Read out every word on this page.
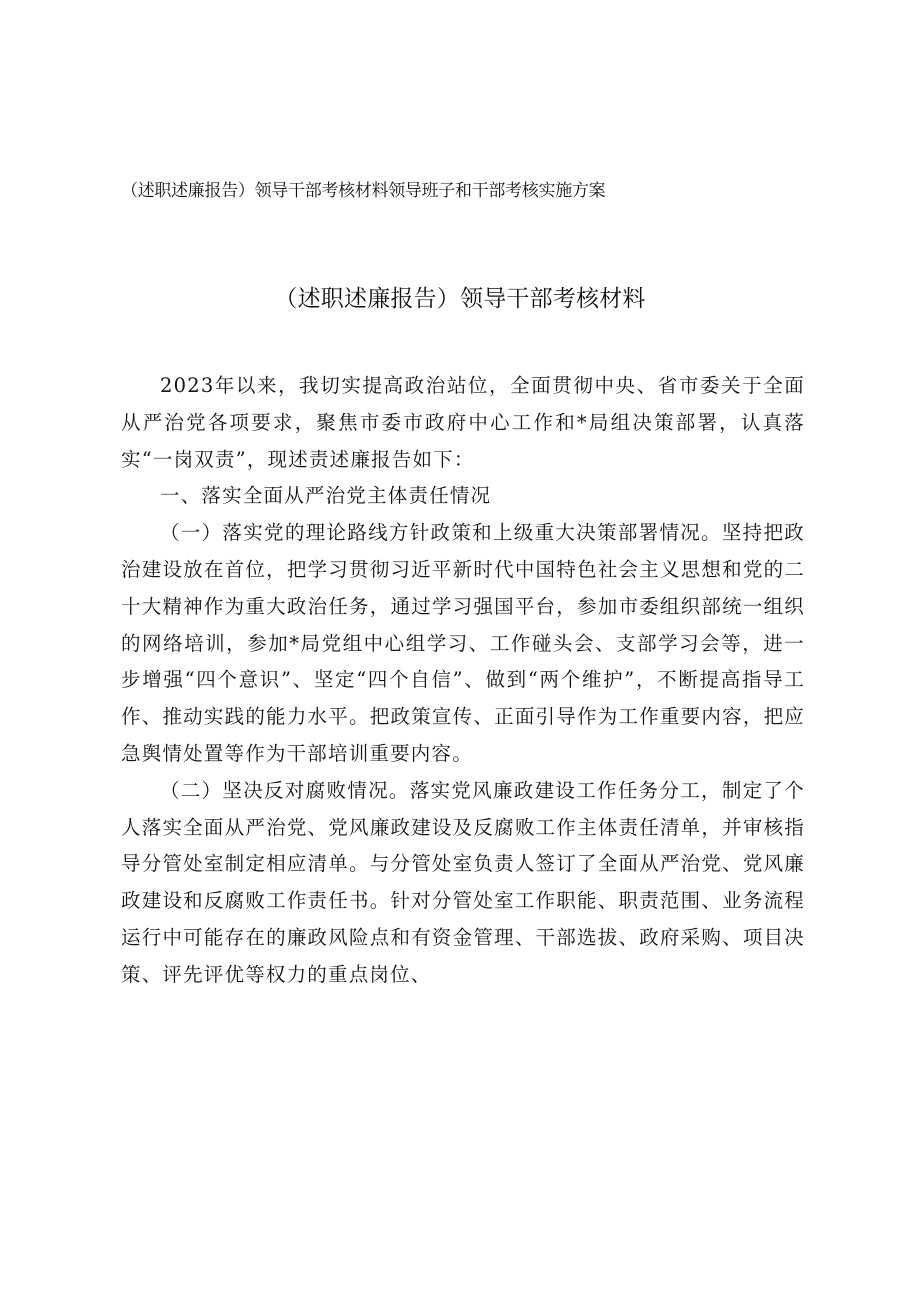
（述职述廉报告）领导干部考核材料领导班子和干部考核实施方案
（述职述廉报告）领导干部考核材料

2023年以来，我切实提高政治站位，全面贯彻中央、省市委关于全面从严治党各项要求，聚焦市委市政府中心工作和*局组决策部署，认真落实“一岗双责”，现述责述廉报告如下：

一、落实全面从严治党主体责任情况

（一）落实党的理论路线方针政策和上级重大决策部署情况。坚持把政治建设放在首位，把学习贯彻习近平新时代中国特色社会主义思想和党的二十大精神作为重大政治任务，通过学习强国平台，参加市委组织部统一组织的网络培训，参加*局党组中心组学习、工作碰头会、支部学习会等，进一步增强“四个意识”、坚定“四个自信”、做到“两个维护”，不断提高指导工作、推动实践的能力水平。把政策宣传、正面引导作为工作重要内容，把应急舆情处置等作为干部培训重要内容。

（二）坚决反对腐败情况。落实党风廉政建设工作任务分工，制定了个人落实全面从严治党、党风廉政建设及反腐败工作主体责任清单，并审核指导分管处室制定相应清单。与分管处室负责人签订了全面从严治党、党风廉政建设和反腐败工作责任书。针对分管处室工作职能、职责范围、业务流程运行中可能存在的廉政风险点和有资金管理、干部选拔、政府采购、项目决策、评先评优等权力的重点岗位、
